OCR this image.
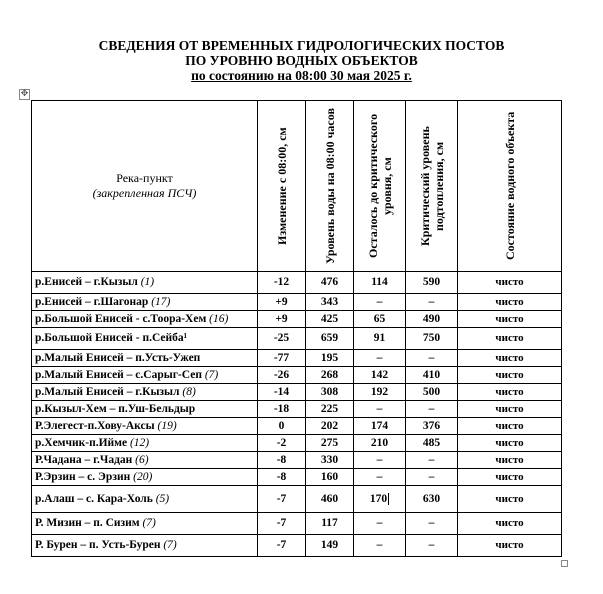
СВЕДЕНИЯ ОТ ВРЕМЕННЫХ ГИДРОЛОГИЧЕСКИХ ПОСТОВ
ПО УРОВНЮ ВОДНЫХ ОБЪЕКТОВ
по состоянию на 08:00 30 мая 2025 г.
✥
Река-пункт
(закрепленная ПСЧ)	Изменение с 08:00, см	Уровень воды на 08:00 часов	Осталось до критического уровня, см	Критический уровень подтопления, см	Состояние водного объекта

р.Енисей – г.Кызыл (1)	-12	476	114	590	чисто
р.Енисей – г.Шагонар (17)	+9	343	–	–	чисто
р.Большой Енисей - с.Тоора-Хем (16)	+9	425	65	490	чисто
р.Большой Енисей - п.Сейба¹	-25	659	91	750	чисто
р.Малый Енисей – п.Усть-Ужеп	-77	195	–	–	чисто
р.Малый Енисей – с.Сарыг-Сеп (7)	-26	268	142	410	чисто
р.Малый Енисей – г.Кызыл (8)	-14	308	192	500	чисто
р.Кызыл-Хем – п.Уш-Бельдыр	-18	225	–	–	чисто
Р.Элегест-п.Хову-Аксы (19)	0	202	174	376	чисто
р.Хемчик-п.Ийме (12)	-2	275	210	485	чисто
Р.Чадана – г.Чадан (6)	-8	330	–	–	чисто
Р.Эрзин – с. Эрзин (20)	-8	160	–	–	чисто
р.Алаш – с. Кара-Холь (5)	-7	460	170	630	чисто
Р. Мизин – п. Сизим (7)	-7	117	–	–	чисто
Р. Бурен – п. Усть-Бурен (7)	-7	149	–	–	чисто
